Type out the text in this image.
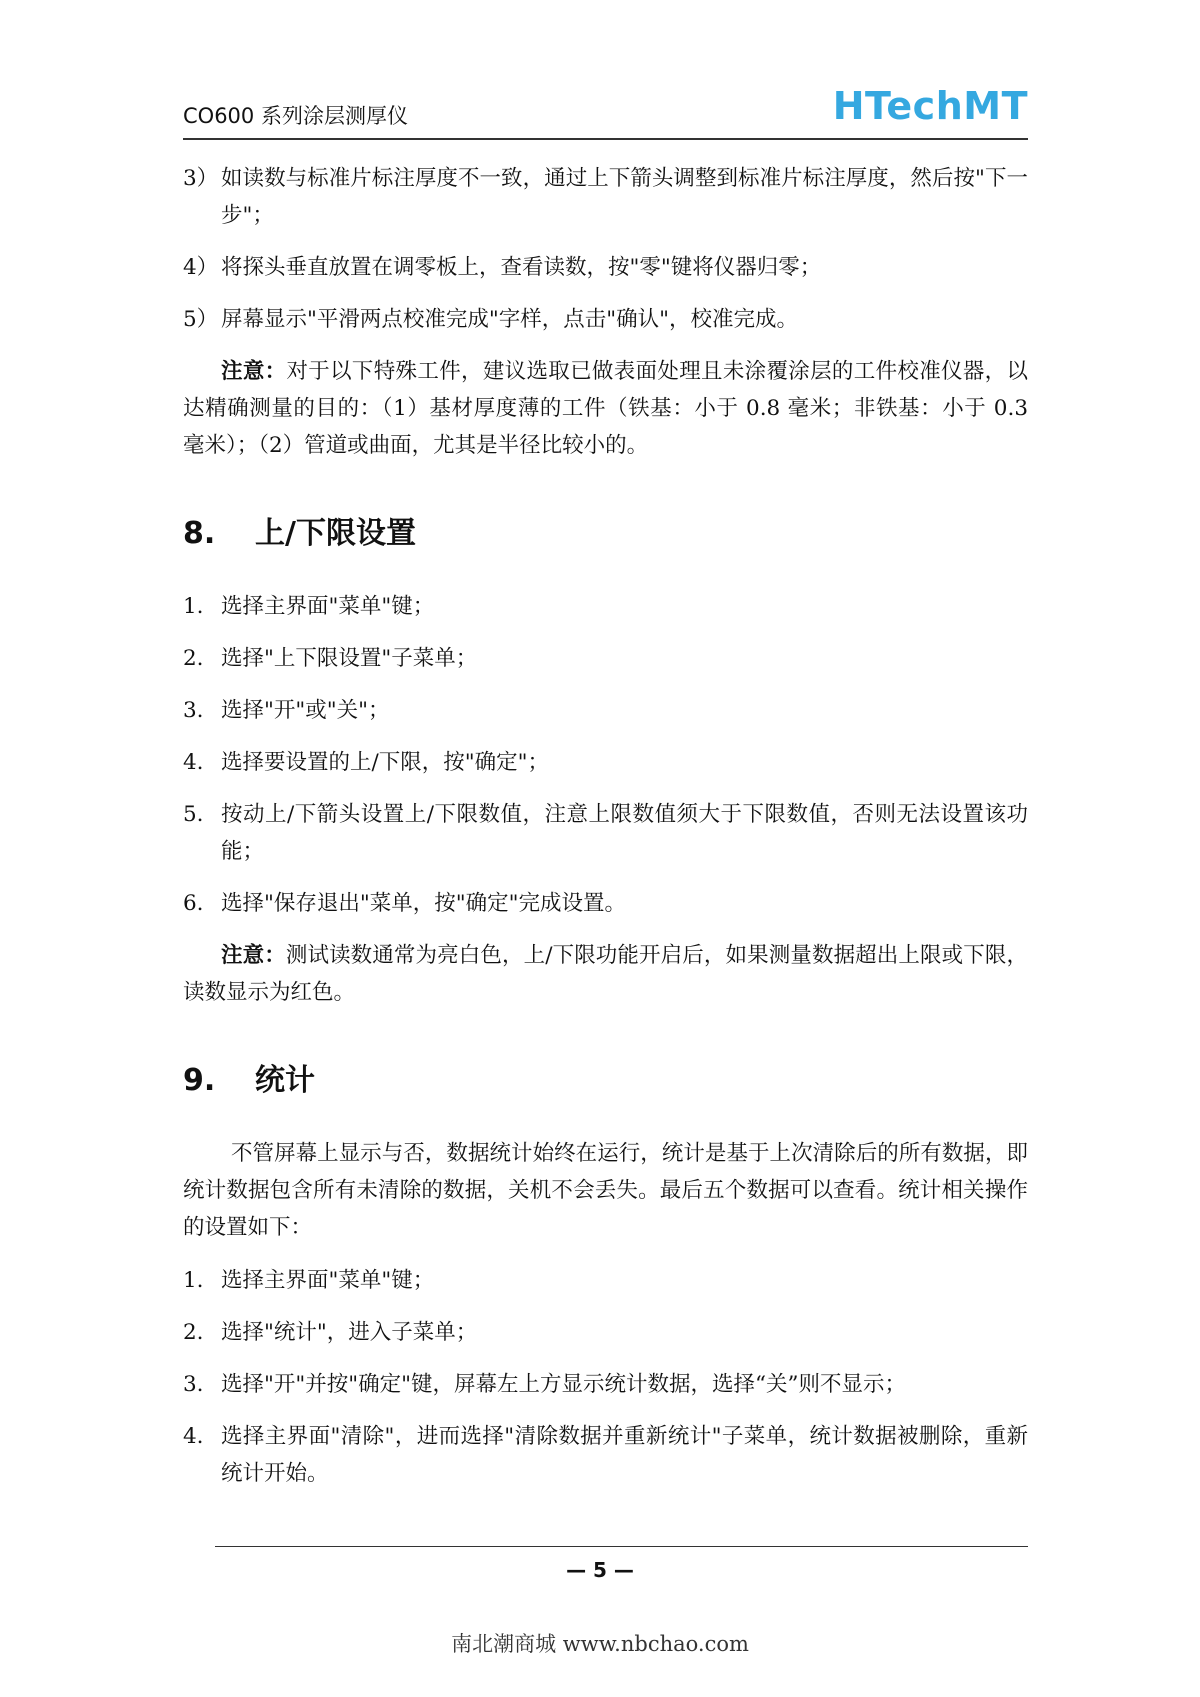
CO600 系列涂层测厚仪	HTechMT
3） 如读数与标准片标注厚度不一致，通过上下箭头调整到标准片标注厚度，然后按"下一步"；
4） 将探头垂直放置在调零板上，查看读数，按"零"键将仪器归零；
5） 屏幕显示"平滑两点校准完成"字样，点击"确认"，校准完成。

注意：对于以下特殊工件，建议选取已做表面处理且未涂覆涂层的工件校准仪器，以达精确测量的目的：（1）基材厚度薄的工件（铁基：小于 0.8 毫米；非铁基：小于 0.3 毫米）；（2）管道或曲面，尤其是半径比较小的。

8.	上/下限设置
1. 选择主界面"菜单"键；
2. 选择"上下限设置"子菜单；
3. 选择"开"或"关"；
4. 选择要设置的上/下限，按"确定"；
5. 按动上/下箭头设置上/下限数值，注意上限数值须大于下限数值，否则无法设置该功能；
6. 选择"保存退出"菜单，按"确定"完成设置。

注意：测试读数通常为亮白色，上/下限功能开启后，如果测量数据超出上限或下限，读数显示为红色。

9.	统计

不管屏幕上显示与否，数据统计始终在运行，统计是基于上次清除后的所有数据，即统计数据包含所有未清除的数据，关机不会丢失。最后五个数据可以查看。统计相关操作的设置如下：

1. 选择主界面"菜单"键；
2. 选择"统计"，进入子菜单；
3. 选择"开"并按"确定"键，屏幕左上方显示统计数据，选择“关”则不显示；
4. 选择主界面"清除"，进而选择"清除数据并重新统计"子菜单，统计数据被删除，重新统计开始。
— 5 —
南北潮商城 www.nbchao.com
